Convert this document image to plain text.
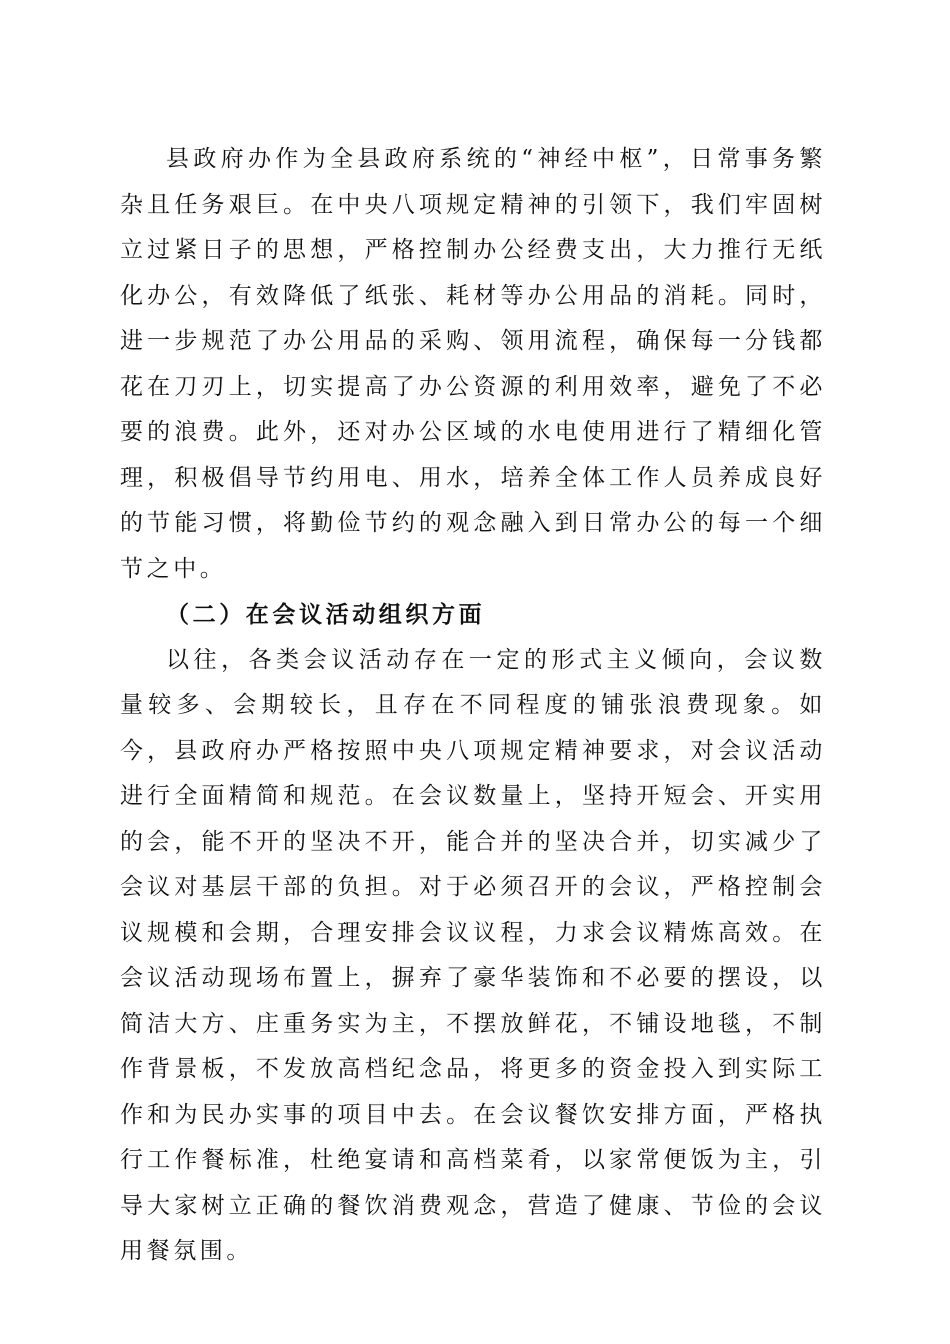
县政府办作为全县政府系统的“神经中枢”，日常事务繁杂且任务艰巨。在中央八项规定精神的引领下，我们牢固树立过紧日子的思想，严格控制办公经费支出，大力推行无纸化办公，有效降低了纸张、耗材等办公用品的消耗。同时，进一步规范了办公用品的采购、领用流程，确保每一分钱都花在刀刃上，切实提高了办公资源的利用效率，避免了不必要的浪费。此外，还对办公区域的水电使用进行了精细化管理，积极倡导节约用电、用水，培养全体工作人员养成良好的节能习惯，将勤俭节约的观念融入到日常办公的每一个细节之中。

（二）在会议活动组织方面

以往，各类会议活动存在一定的形式主义倾向，会议数量较多、会期较长，且存在不同程度的铺张浪费现象。如今，县政府办严格按照中央八项规定精神要求，对会议活动进行全面精简和规范。在会议数量上，坚持开短会、开实用的会，能不开的坚决不开，能合并的坚决合并，切实减少了会议对基层干部的负担。对于必须召开的会议，严格控制会议规模和会期，合理安排会议议程，力求会议精炼高效。在会议活动现场布置上，摒弃了豪华装饰和不必要的摆设，以简洁大方、庄重务实为主，不摆放鲜花，不铺设地毯，不制作背景板，不发放高档纪念品，将更多的资金投入到实际工作和为民办实事的项目中去。在会议餐饮安排方面，严格执行工作餐标准，杜绝宴请和高档菜肴，以家常便饭为主，引导大家树立正确的餐饮消费观念，营造了健康、节俭的会议用餐氛围。
